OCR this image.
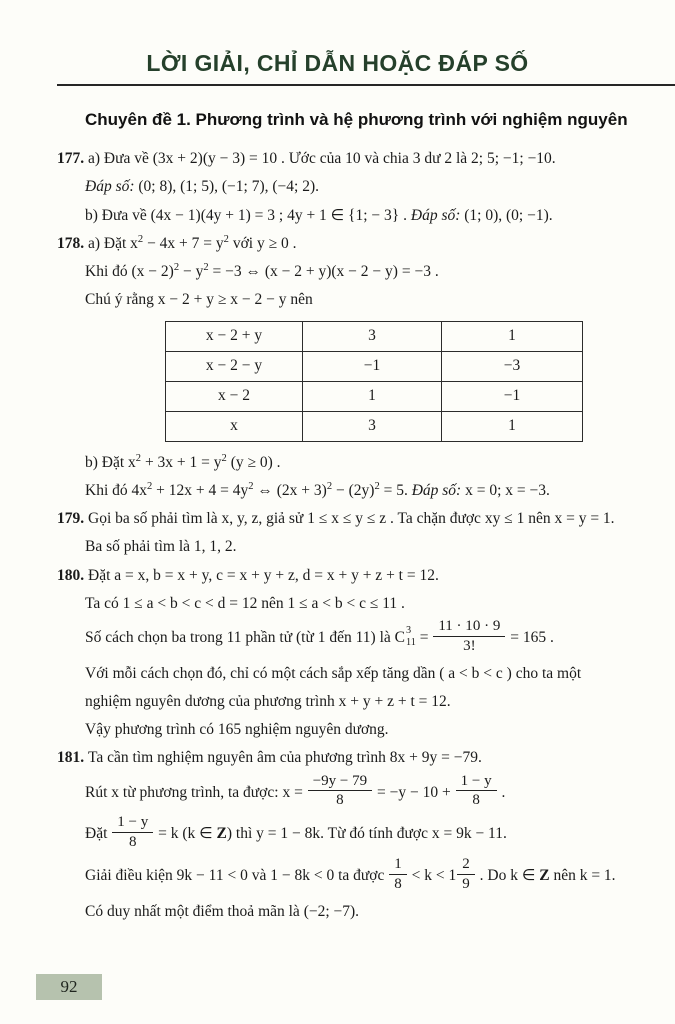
LỜI GIẢI, CHỈ DẪN HOẶC ĐÁP SỐ
Chuyên đề 1. Phương trình và hệ phương trình với nghiệm nguyên

177. a) Đưa về (3x + 2)(y − 3) = 10 . Ước của 10 và chia 3 dư 2 là 2; 5; −1; −10.

Đáp số: (0; 8), (1; 5), (−1; 7), (−4; 2).

b) Đưa về (4x − 1)(4y + 1) = 3 ; 4y + 1 ∈ {1; − 3} . Đáp số: (1; 0), (0; −1).

178. a) Đặt $x^2 - 4x + 7 = y^2$ với y ≥ 0 .

Khi đó $(x - 2)^2 - y^2 = -3$ ⇔ (x − 2 + y)(x − 2 − y) = −3 .

Chú ý rằng x − 2 + y ≥ x − 2 − y nên

x − 2 + y	3	1
x − 2 − y	−1	−3
x − 2	1	−1
x	3	1

b) Đặt $x^2 + 3x + 1 = y^2$ (y ≥ 0) .

Khi đó $4x^2 + 12x + 4 = 4y^2$ ⇔ $(2x + 3)^2 - (2y)^2 = 5$. Đáp số: x = 0; x = −3.

179. Gọi ba số phải tìm là x, y, z, giả sử 1 ≤ x ≤ y ≤ z . Ta chặn được xy ≤ 1 nên x = y = 1.

Ba số phải tìm là 1, 1, 2.

180. Đặt a = x, b = x + y, c = x + y + z, d = x + y + z + t = 12.

Ta có 1 ≤ a < b < c < d = 12 nên 1 ≤ a < b < c ≤ 11 .

Số cách chọn ba trong 11 phần tử (từ 1 đến 11) là C 3
$11 = \frac{11 \cdot 10 \cdot 9}{3!} = 165$ .

Với mỗi cách chọn đó, chỉ có một cách sắp xếp tăng dần ( a < b < c ) cho ta một

nghiệm nguyên dương của phương trình x + y + z + t = 12.

Vậy phương trình có 165 nghiệm nguyên dương.

181. Ta cần tìm nghiệm nguyên âm của phương trình 8x + 9y = −79.

Rút x từ phương trình, ta được: $x = \frac{-9y - 79}{8} = -y - 10 + \frac{1 - y}{8}$ .

Đặt $\frac{1 - y}{8} = k$ (k ∈ Z) thì y = 1 − 8k. Từ đó tính được x = 9k − 11.

Giải điều kiện 9k − 11 < 0 và 1 − 8k < 0 ta được $\frac{1}{8} < k < 1 \frac{2}{9}$ . Do k ∈ Z nên k = 1.

Có duy nhất một điểm thoả mãn là (−2; −7).

92
